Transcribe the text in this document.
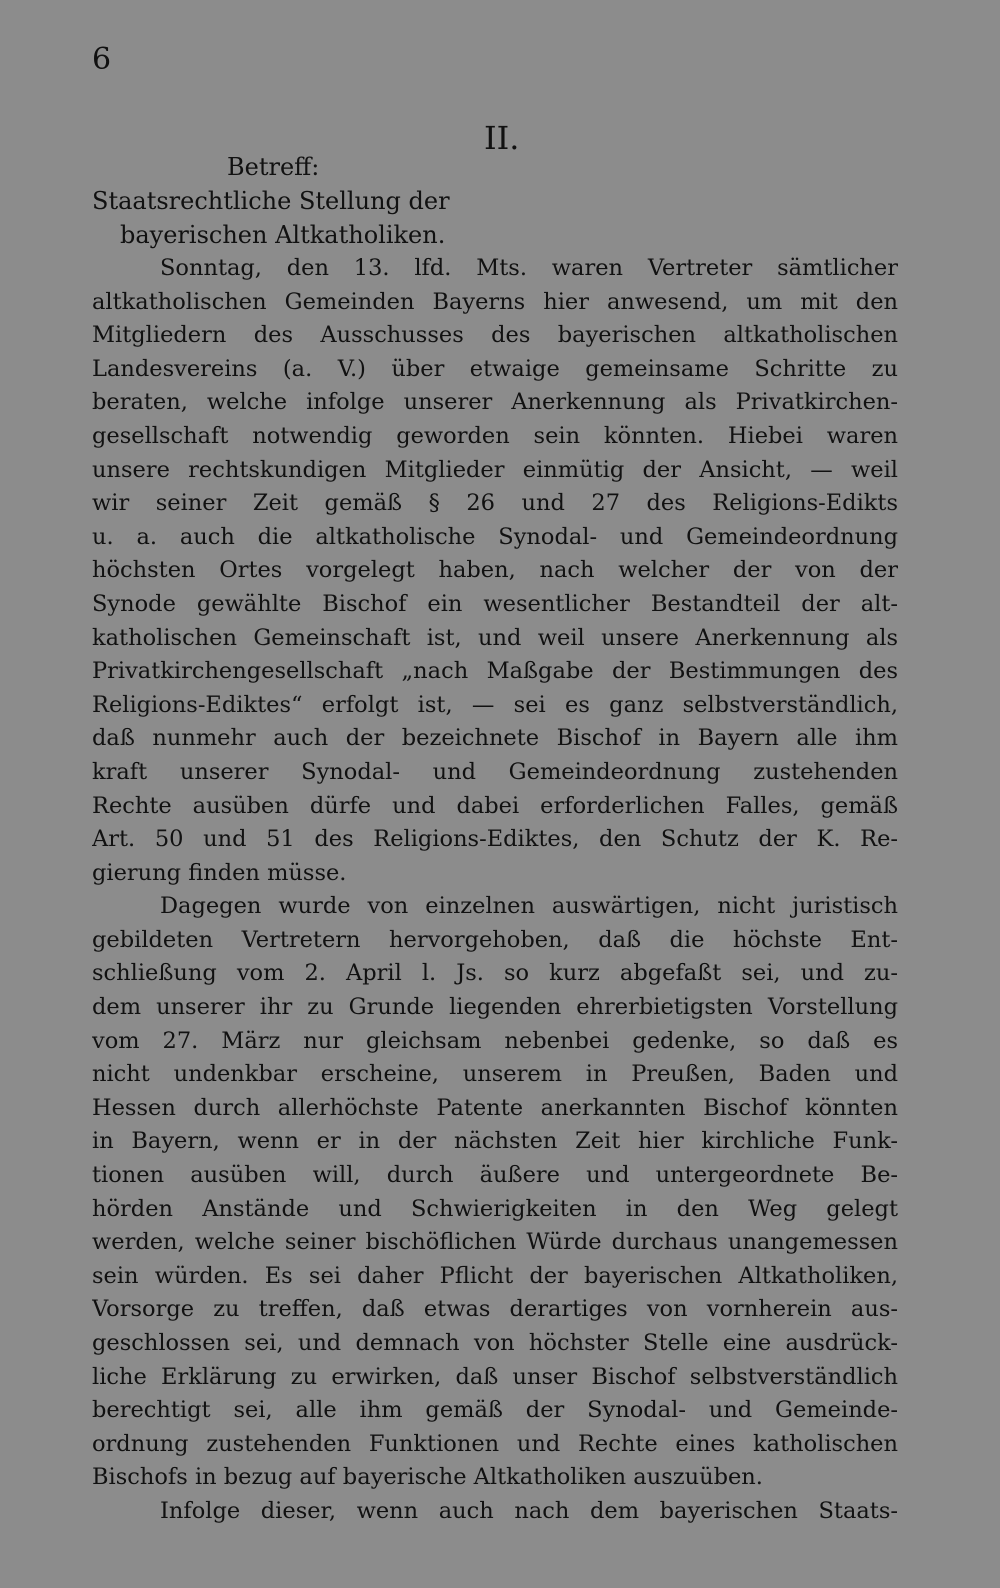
6
II.
Betreff:
Staatsrechtliche Stellung der
bayerischen Altkatholiken.
Sonntag, den 13. lfd. Mts. waren Vertreter sämtlicher
altkatholischen Gemeinden Bayerns hier anwesend, um mit den
Mitgliedern des Ausschusses des bayerischen altkatholischen
Landesvereins (a. V.) über etwaige gemeinsame Schritte zu
beraten, welche infolge unserer Anerkennung als Privatkirchen-
gesellschaft notwendig geworden sein könnten. Hiebei waren
unsere rechtskundigen Mitglieder einmütig der Ansicht, — weil
wir seiner Zeit gemäß § 26 und 27 des Religions-Edikts
u. a. auch die altkatholische Synodal- und Gemeindeordnung
höchsten Ortes vorgelegt haben, nach welcher der von der
Synode gewählte Bischof ein wesentlicher Bestandteil der alt-
katholischen Gemeinschaft ist, und weil unsere Anerkennung als
Privatkirchengesellschaft „nach Maßgabe der Bestimmungen des
Religions-Ediktes“ erfolgt ist, — sei es ganz selbstverständlich,
daß nunmehr auch der bezeichnete Bischof in Bayern alle ihm
kraft unserer Synodal- und Gemeindeordnung zustehenden
Rechte ausüben dürfe und dabei erforderlichen Falles, gemäß
Art. 50 und 51 des Religions-Ediktes, den Schutz der K. Re-
gierung finden müsse.
Dagegen wurde von einzelnen auswärtigen, nicht juristisch
gebildeten Vertretern hervorgehoben, daß die höchste Ent-
schließung vom 2. April l. Js. so kurz abgefaßt sei, und zu-
dem unserer ihr zu Grunde liegenden ehrerbietigsten Vorstellung
vom 27. März nur gleichsam nebenbei gedenke, so daß es
nicht undenkbar erscheine, unserem in Preußen, Baden und
Hessen durch allerhöchste Patente anerkannten Bischof könnten
in Bayern, wenn er in der nächsten Zeit hier kirchliche Funk-
tionen ausüben will, durch äußere und untergeordnete Be-
hörden Anstände und Schwierigkeiten in den Weg gelegt
werden, welche seiner bischöflichen Würde durchaus unangemessen
sein würden. Es sei daher Pflicht der bayerischen Altkatholiken,
Vorsorge zu treffen, daß etwas derartiges von vornherein aus-
geschlossen sei, und demnach von höchster Stelle eine ausdrück-
liche Erklärung zu erwirken, daß unser Bischof selbstverständlich
berechtigt sei, alle ihm gemäß der Synodal- und Gemeinde-
ordnung zustehenden Funktionen und Rechte eines katholischen
Bischofs in bezug auf bayerische Altkatholiken auszuüben.
Infolge dieser, wenn auch nach dem bayerischen Staats-
